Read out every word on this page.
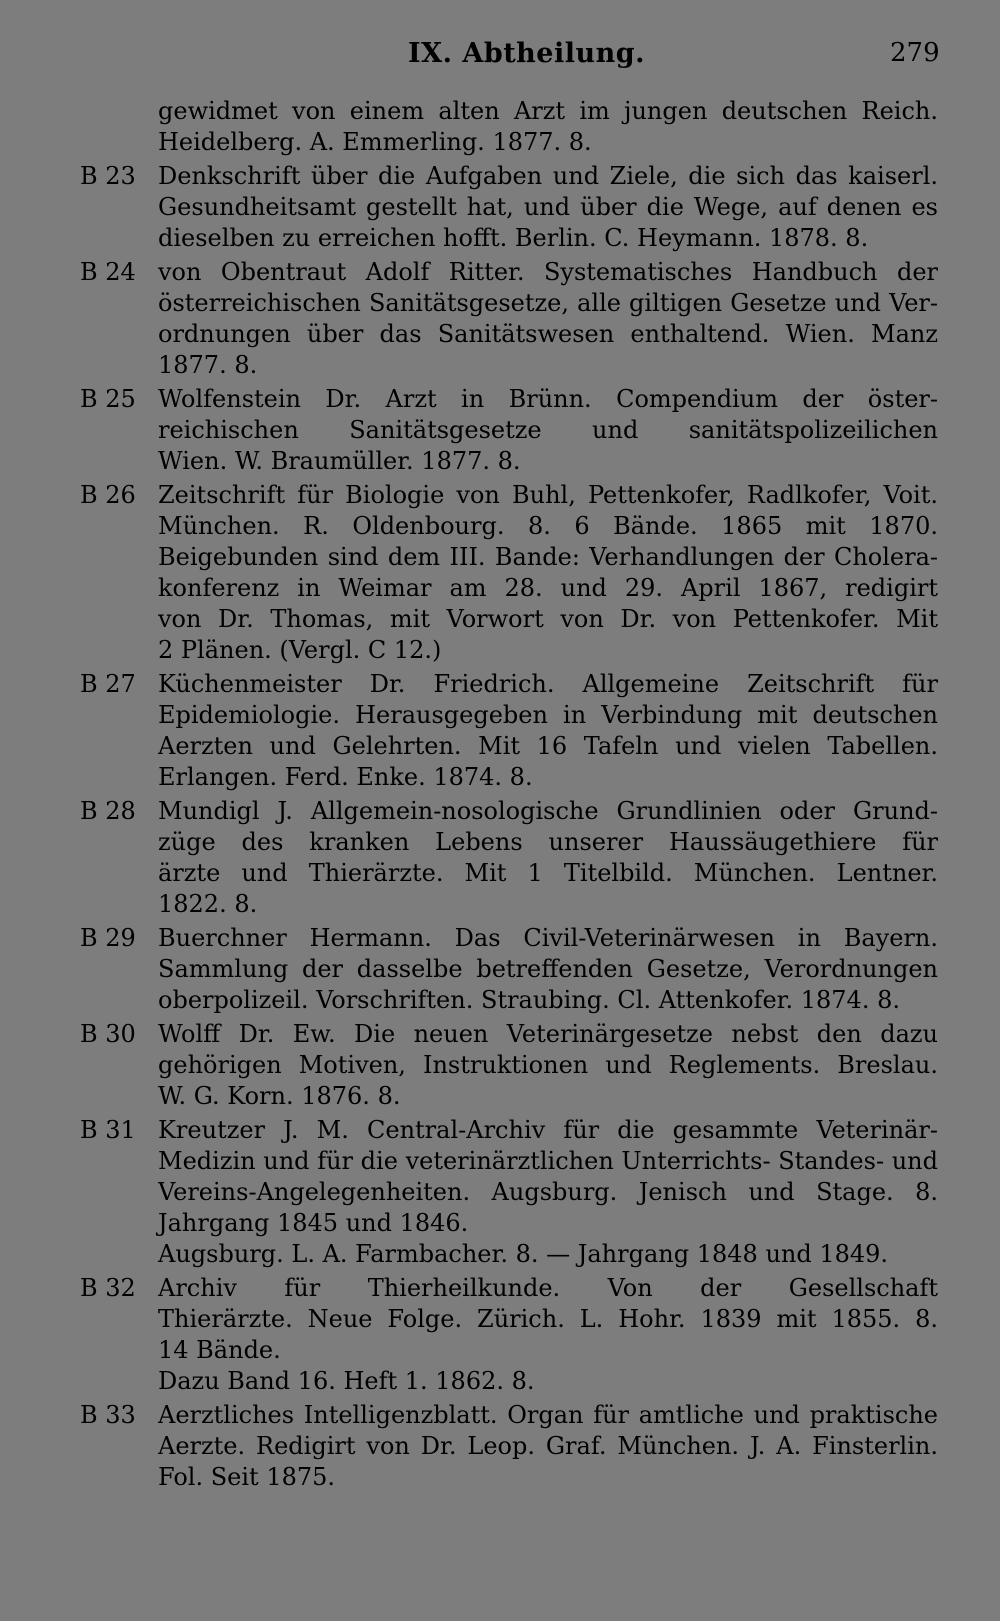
IX. Abtheilung.	279
gewidmet von einem alten Arzt im jungen deutschen Reich.
Heidelberg. A. Emmerling. 1877. 8.
B 23 Denkschrift über die Aufgaben und Ziele, die sich das kaiserl.
Gesundheitsamt gestellt hat, und über die Wege, auf denen es
dieselben zu erreichen hofft. Berlin. C. Heymann. 1878. 8.
B 24 von Obentraut Adolf Ritter. Systematisches Handbuch der
österreichischen Sanitätsgesetze, alle giltigen Gesetze und Ver-
ordnungen über das Sanitätswesen enthaltend. Wien. Manz
1877. 8.
B 25 Wolfenstein Dr. Arzt in Brünn. Compendium der öster-
reichischen Sanitätsgesetze und sanitätspolizeilichen
Wien. W. Braumüller. 1877. 8.
B 26 Zeitschrift für Biologie von Buhl, Pettenkofer, Radlkofer, Voit.
München. R. Oldenbourg. 8. 6 Bände. 1865 mit 1870.
Beigebunden sind dem III. Bande: Verhandlungen der Cholera-
konferenz in Weimar am 28. und 29. April 1867, redigirt
von Dr. Thomas, mit Vorwort von Dr. von Pettenkofer. Mit
2 Plänen. (Vergl. C 12.)
B 27 Küchenmeister Dr. Friedrich. Allgemeine Zeitschrift für
Epidemiologie. Herausgegeben in Verbindung mit deutschen
Aerzten und Gelehrten. Mit 16 Tafeln und vielen Tabellen.
Erlangen. Ferd. Enke. 1874. 8.
B 28 Mundigl J. Allgemein-nosologische Grundlinien oder Grund-
züge des kranken Lebens unserer Haussäugethiere für
ärzte und Thierärzte. Mit 1 Titelbild. München. Lentner.
1822. 8.
B 29 Buerchner Hermann. Das Civil-Veterinärwesen in Bayern.
Sammlung der dasselbe betreffenden Gesetze, Verordnungen
oberpolizeil. Vorschriften. Straubing. Cl. Attenkofer. 1874. 8.
B 30 Wolff Dr. Ew. Die neuen Veterinärgesetze nebst den dazu
gehörigen Motiven, Instruktionen und Reglements. Breslau.
W. G. Korn. 1876. 8.
B 31 Kreutzer J. M. Central-Archiv für die gesammte Veterinär-
Medizin und für die veterinärztlichen Unterrichts- Standes- und
Vereins-Angelegenheiten. Augsburg. Jenisch und Stage. 8.
Jahrgang 1845 und 1846.
Augsburg. L. A. Farmbacher. 8. — Jahrgang 1848 und 1849.
B 32 Archiv für Thierheilkunde. Von der Gesellschaft
Thierärzte. Neue Folge. Zürich. L. Hohr. 1839 mit 1855. 8.
14 Bände.
Dazu Band 16. Heft 1. 1862. 8.
B 33 Aerztliches Intelligenzblatt. Organ für amtliche und praktische
Aerzte. Redigirt von Dr. Leop. Graf. München. J. A. Finsterlin.
Fol. Seit 1875.
